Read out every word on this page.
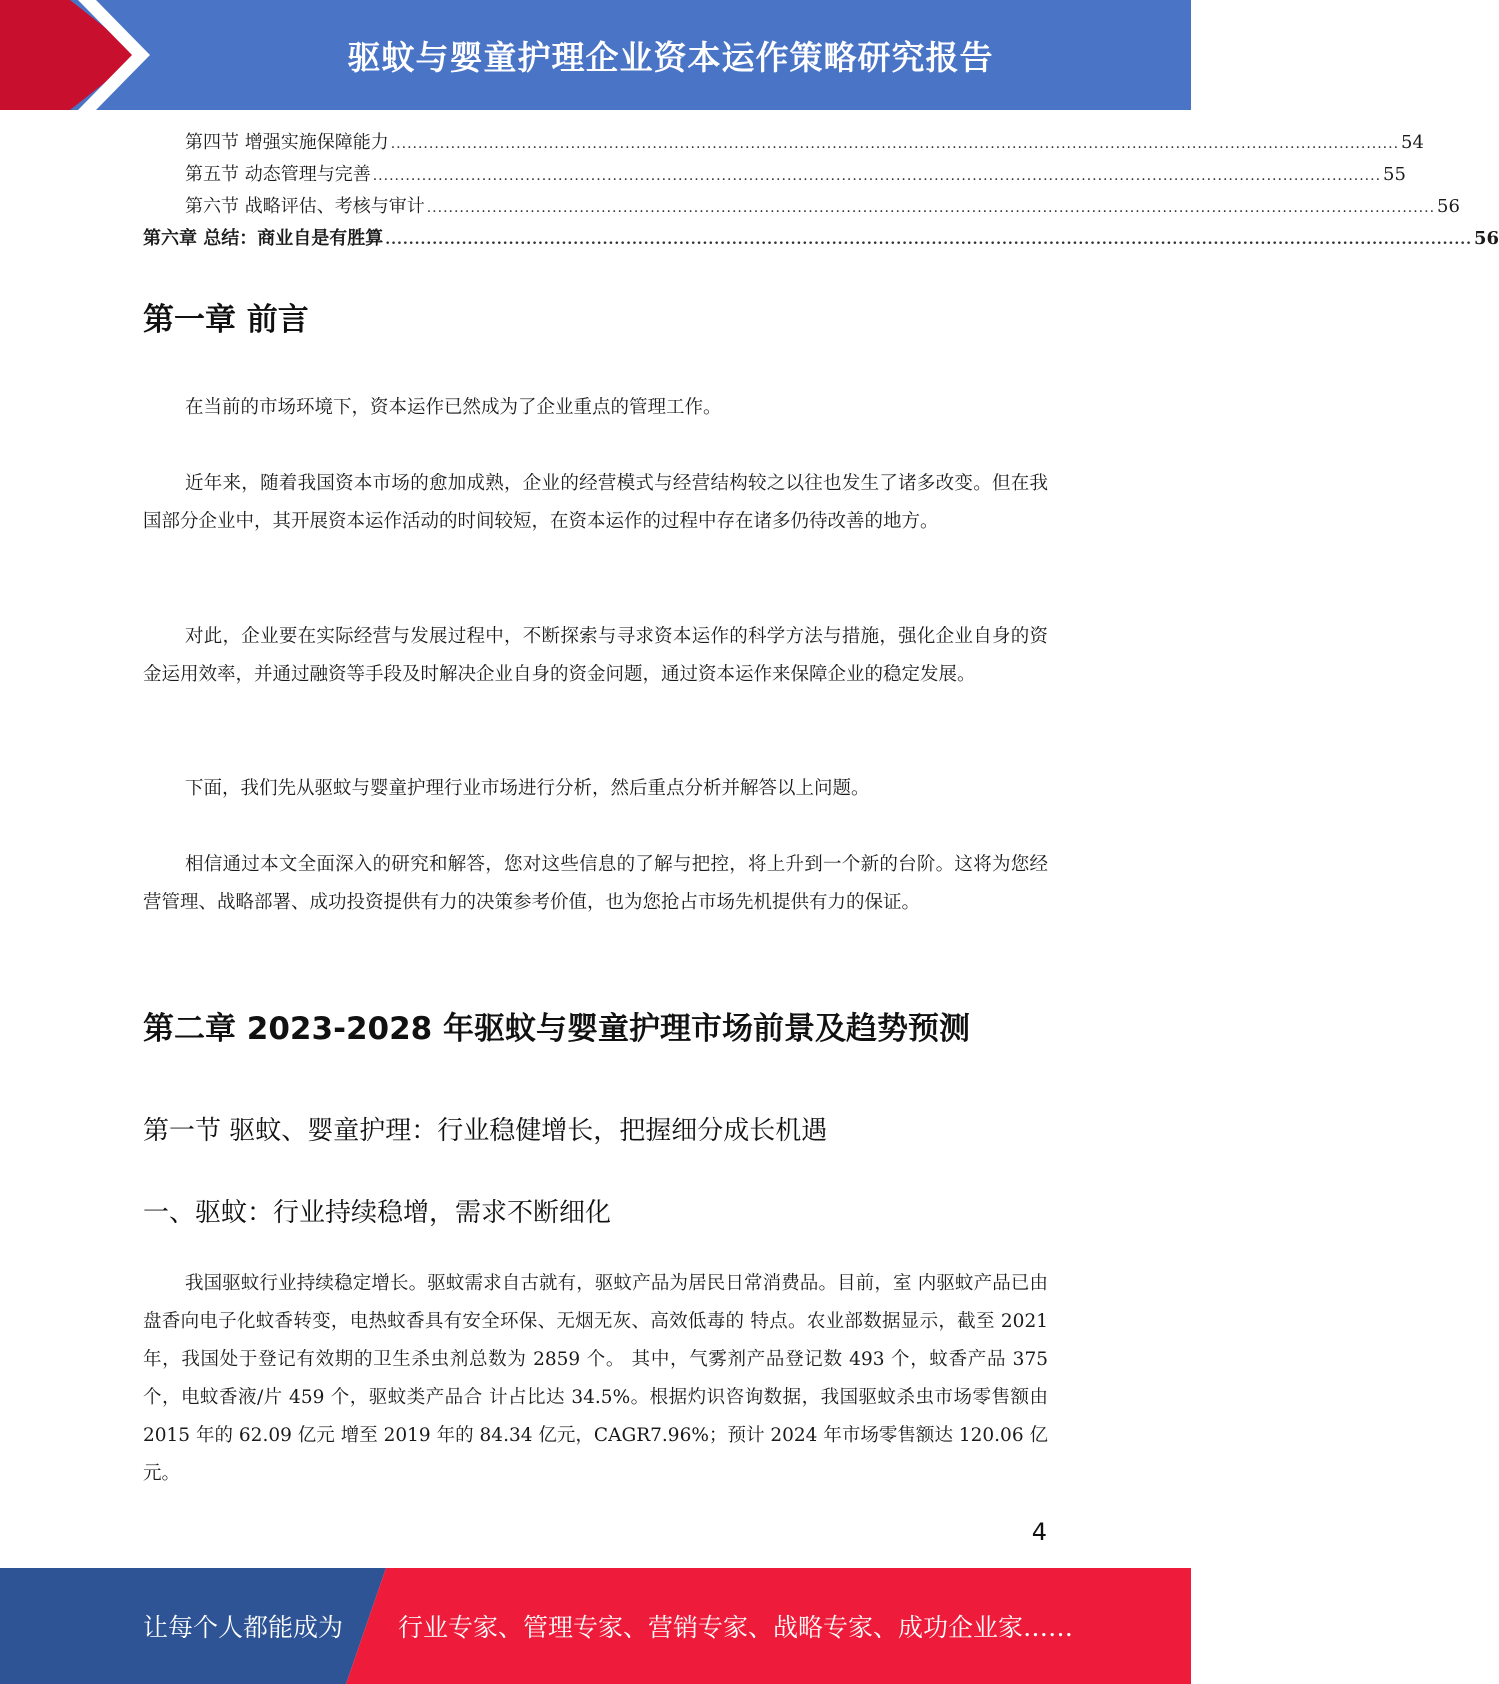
驱蚊与婴童护理企业资本运作策略研究报告
第四节 增强实施保障能力 ......................................................................................................................................................................................... 54
第五节 动态管理与完善 ......................................................................................................................................................................................... 55
第六节 战略评估、考核与审计 ......................................................................................................................................................................................... 56
第六章 总结：商业自是有胜算 ......................................................................................................................................................................................... 56
第一章 前言

在当前的市场环境下，资本运作已然成为了企业重点的管理工作。

近年来，随着我国资本市场的愈加成熟，企业的经营模式与经营结构较之以往也发生了诸多改变。但在我国部分企业中，其开展资本运作活动的时间较短，在资本运作的过程中存在诸多仍待改善的地方。

对此，企业要在实际经营与发展过程中，不断探索与寻求资本运作的科学方法与措施，强化企业自身的资金运用效率，并通过融资等手段及时解决企业自身的资金问题，通过资本运作来保障企业的稳定发展。

下面，我们先从驱蚊与婴童护理行业市场进行分析，然后重点分析并解答以上问题。

相信通过本文全面深入的研究和解答，您对这些信息的了解与把控，将上升到一个新的台阶。这将为您经营管理、战略部署、成功投资提供有力的决策参考价值，也为您抢占市场先机提供有力的保证。

第二章 2023-2028 年驱蚊与婴童护理市场前景及趋势预测
第一节 驱蚊、婴童护理：行业稳健增长，把握细分成长机遇
一、驱蚊：行业持续稳增，需求不断细化

我国驱蚊行业持续稳定增长。驱蚊需求自古就有，驱蚊产品为居民日常消费品。目前，室 内驱蚊产品已由盘香向电子化蚊香转变，电热蚊香具有安全环保、无烟无灰、高效低毒的 特点。农业部数据显示，截至 2021 年，我国处于登记有效期的卫生杀虫剂总数为 2859 个。 其中，气雾剂产品登记数 493 个，蚊香产品 375 个，电蚊香液/片 459 个，驱蚊类产品合 计占比达 34.5%。根据灼识咨询数据，我国驱蚊杀虫市场零售额由 2015 年的 62.09 亿元 增至 2019 年的 84.34 亿元，CAGR7.96%；预计 2024 年市场零售额达 120.06 亿元。

4
让每个人都能成为 行业专家、管理专家、营销专家、战略专家、成功企业家……
